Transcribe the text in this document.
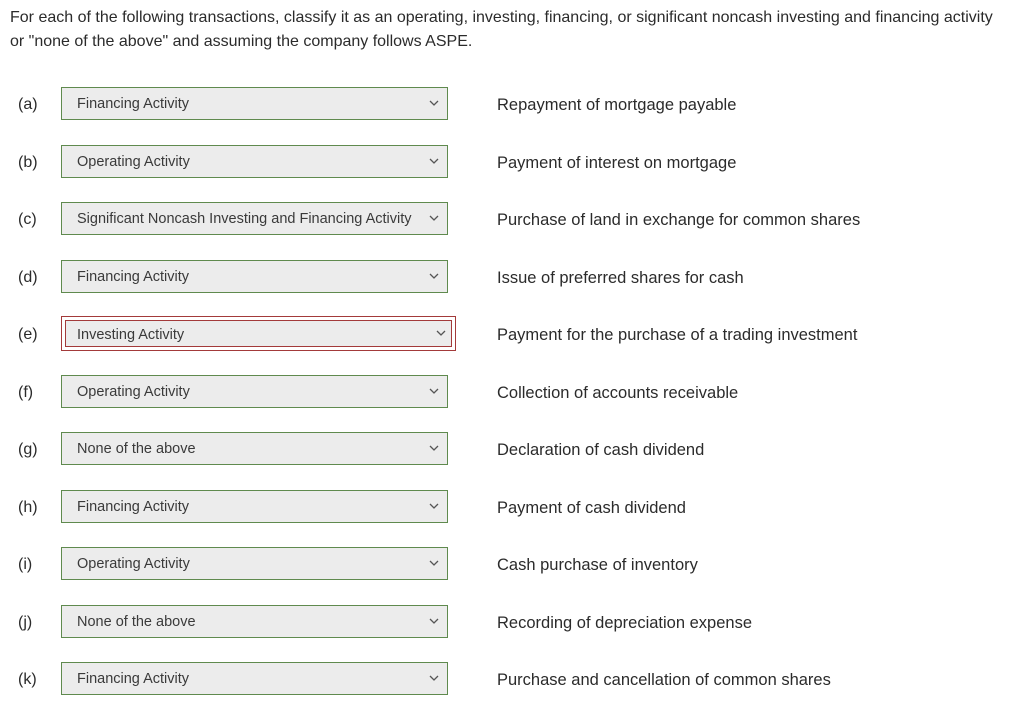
For each of the following transactions, classify it as an operating, investing, financing, or significant noncash investing and financing activity or "none of the above" and assuming the company follows ASPE.

(a)	Financing Activity	Repayment of mortgage payable
(b)	Operating Activity	Payment of interest on mortgage
(c)	Significant Noncash Investing and Financing Activity	Purchase of land in exchange for common shares
(d)	Financing Activity	Issue of preferred shares for cash
(e)	Investing Activity	Payment for the purchase of a trading investment
(f)	Operating Activity	Collection of accounts receivable
(g)	None of the above	Declaration of cash dividend
(h)	Financing Activity	Payment of cash dividend
(i)	Operating Activity	Cash purchase of inventory
(j)	None of the above	Recording of depreciation expense
(k)	Financing Activity	Purchase and cancellation of common shares
